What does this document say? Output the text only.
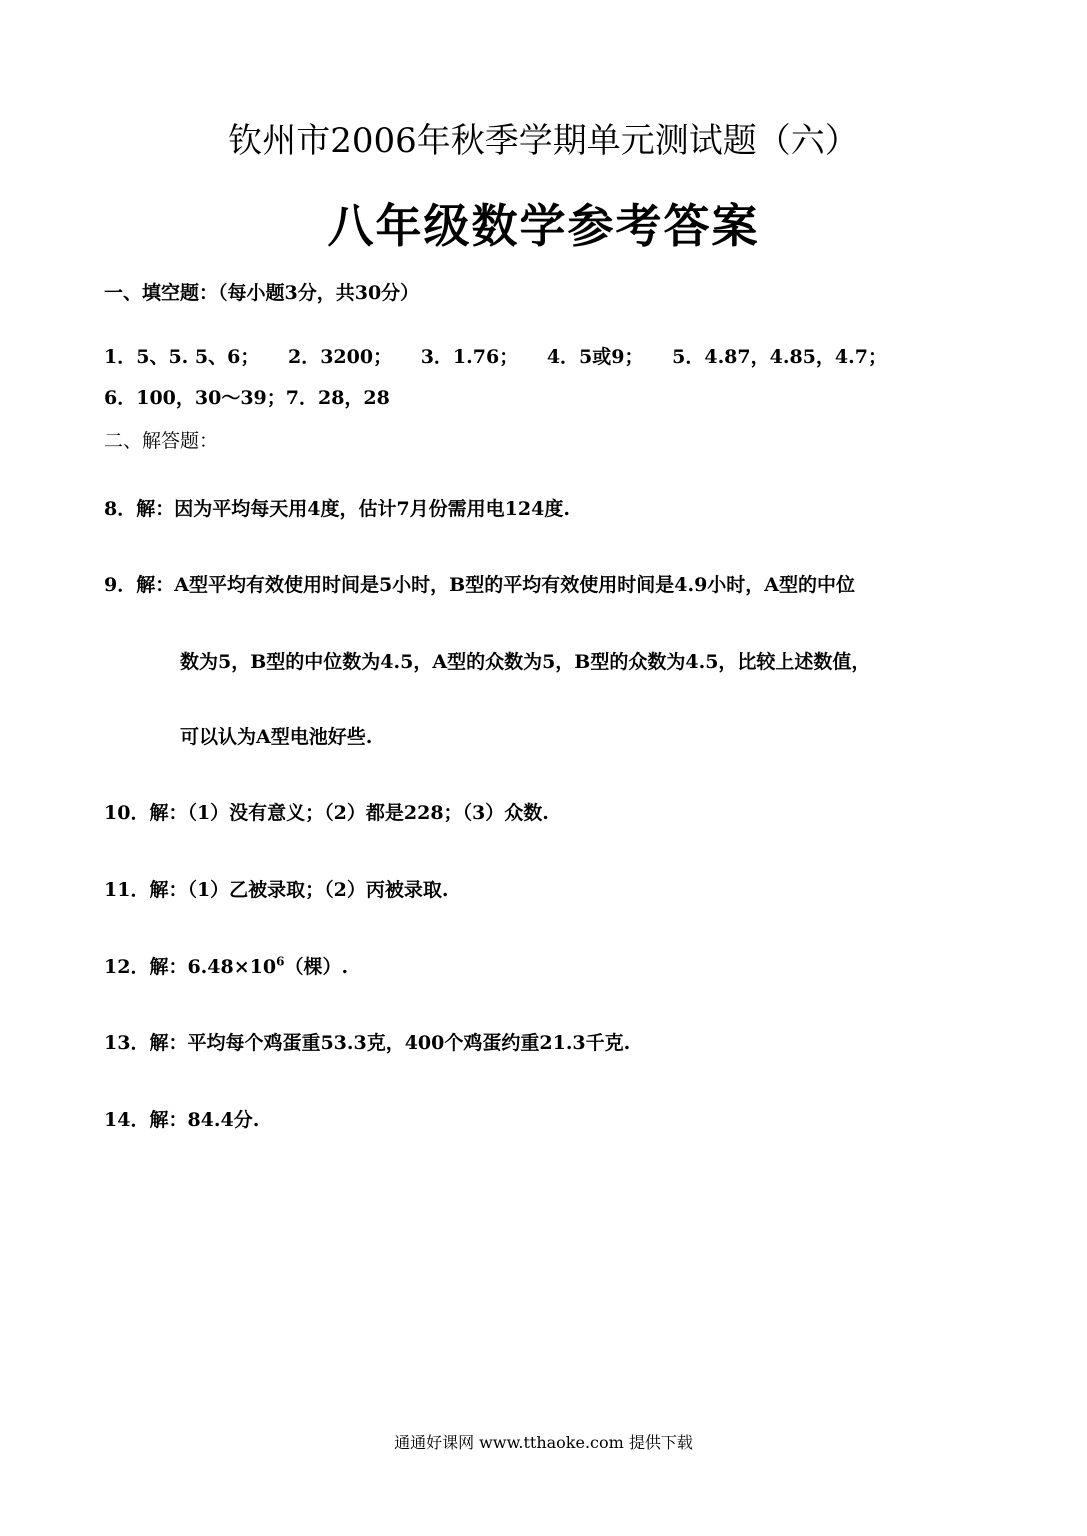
钦州市2006年秋季学期单元测试题（六）
八年级数学参考答案
一、填空题：（每小题3分，共30分）
1．5、5. 5、6； 2．3200； 3．1.76； 4．5或9； 5．4.87，4.85，4.7；
6．100，30～39；7．28，28
二、解答题：
8．解：因为平均每天用4度，估计7月份需用电124度.
9．解：A型平均有效使用时间是5小时，B型的平均有效使用时间是4.9小时，A型的中位
数为5，B型的中位数为4.5，A型的众数为5，B型的众数为4.5，比较上述数值，
可以认为A型电池好些.
10．解：（1）没有意义；（2）都是228；（3）众数.
11．解：（1）乙被录取；（2）丙被录取.
12．解：$6.48\times 10^6$（棵）.
13．解：平均每个鸡蛋重53.3克，400个鸡蛋约重21.3千克.
14．解：84.4分.
通通好课网 www.tthaoke.com 提供下载
